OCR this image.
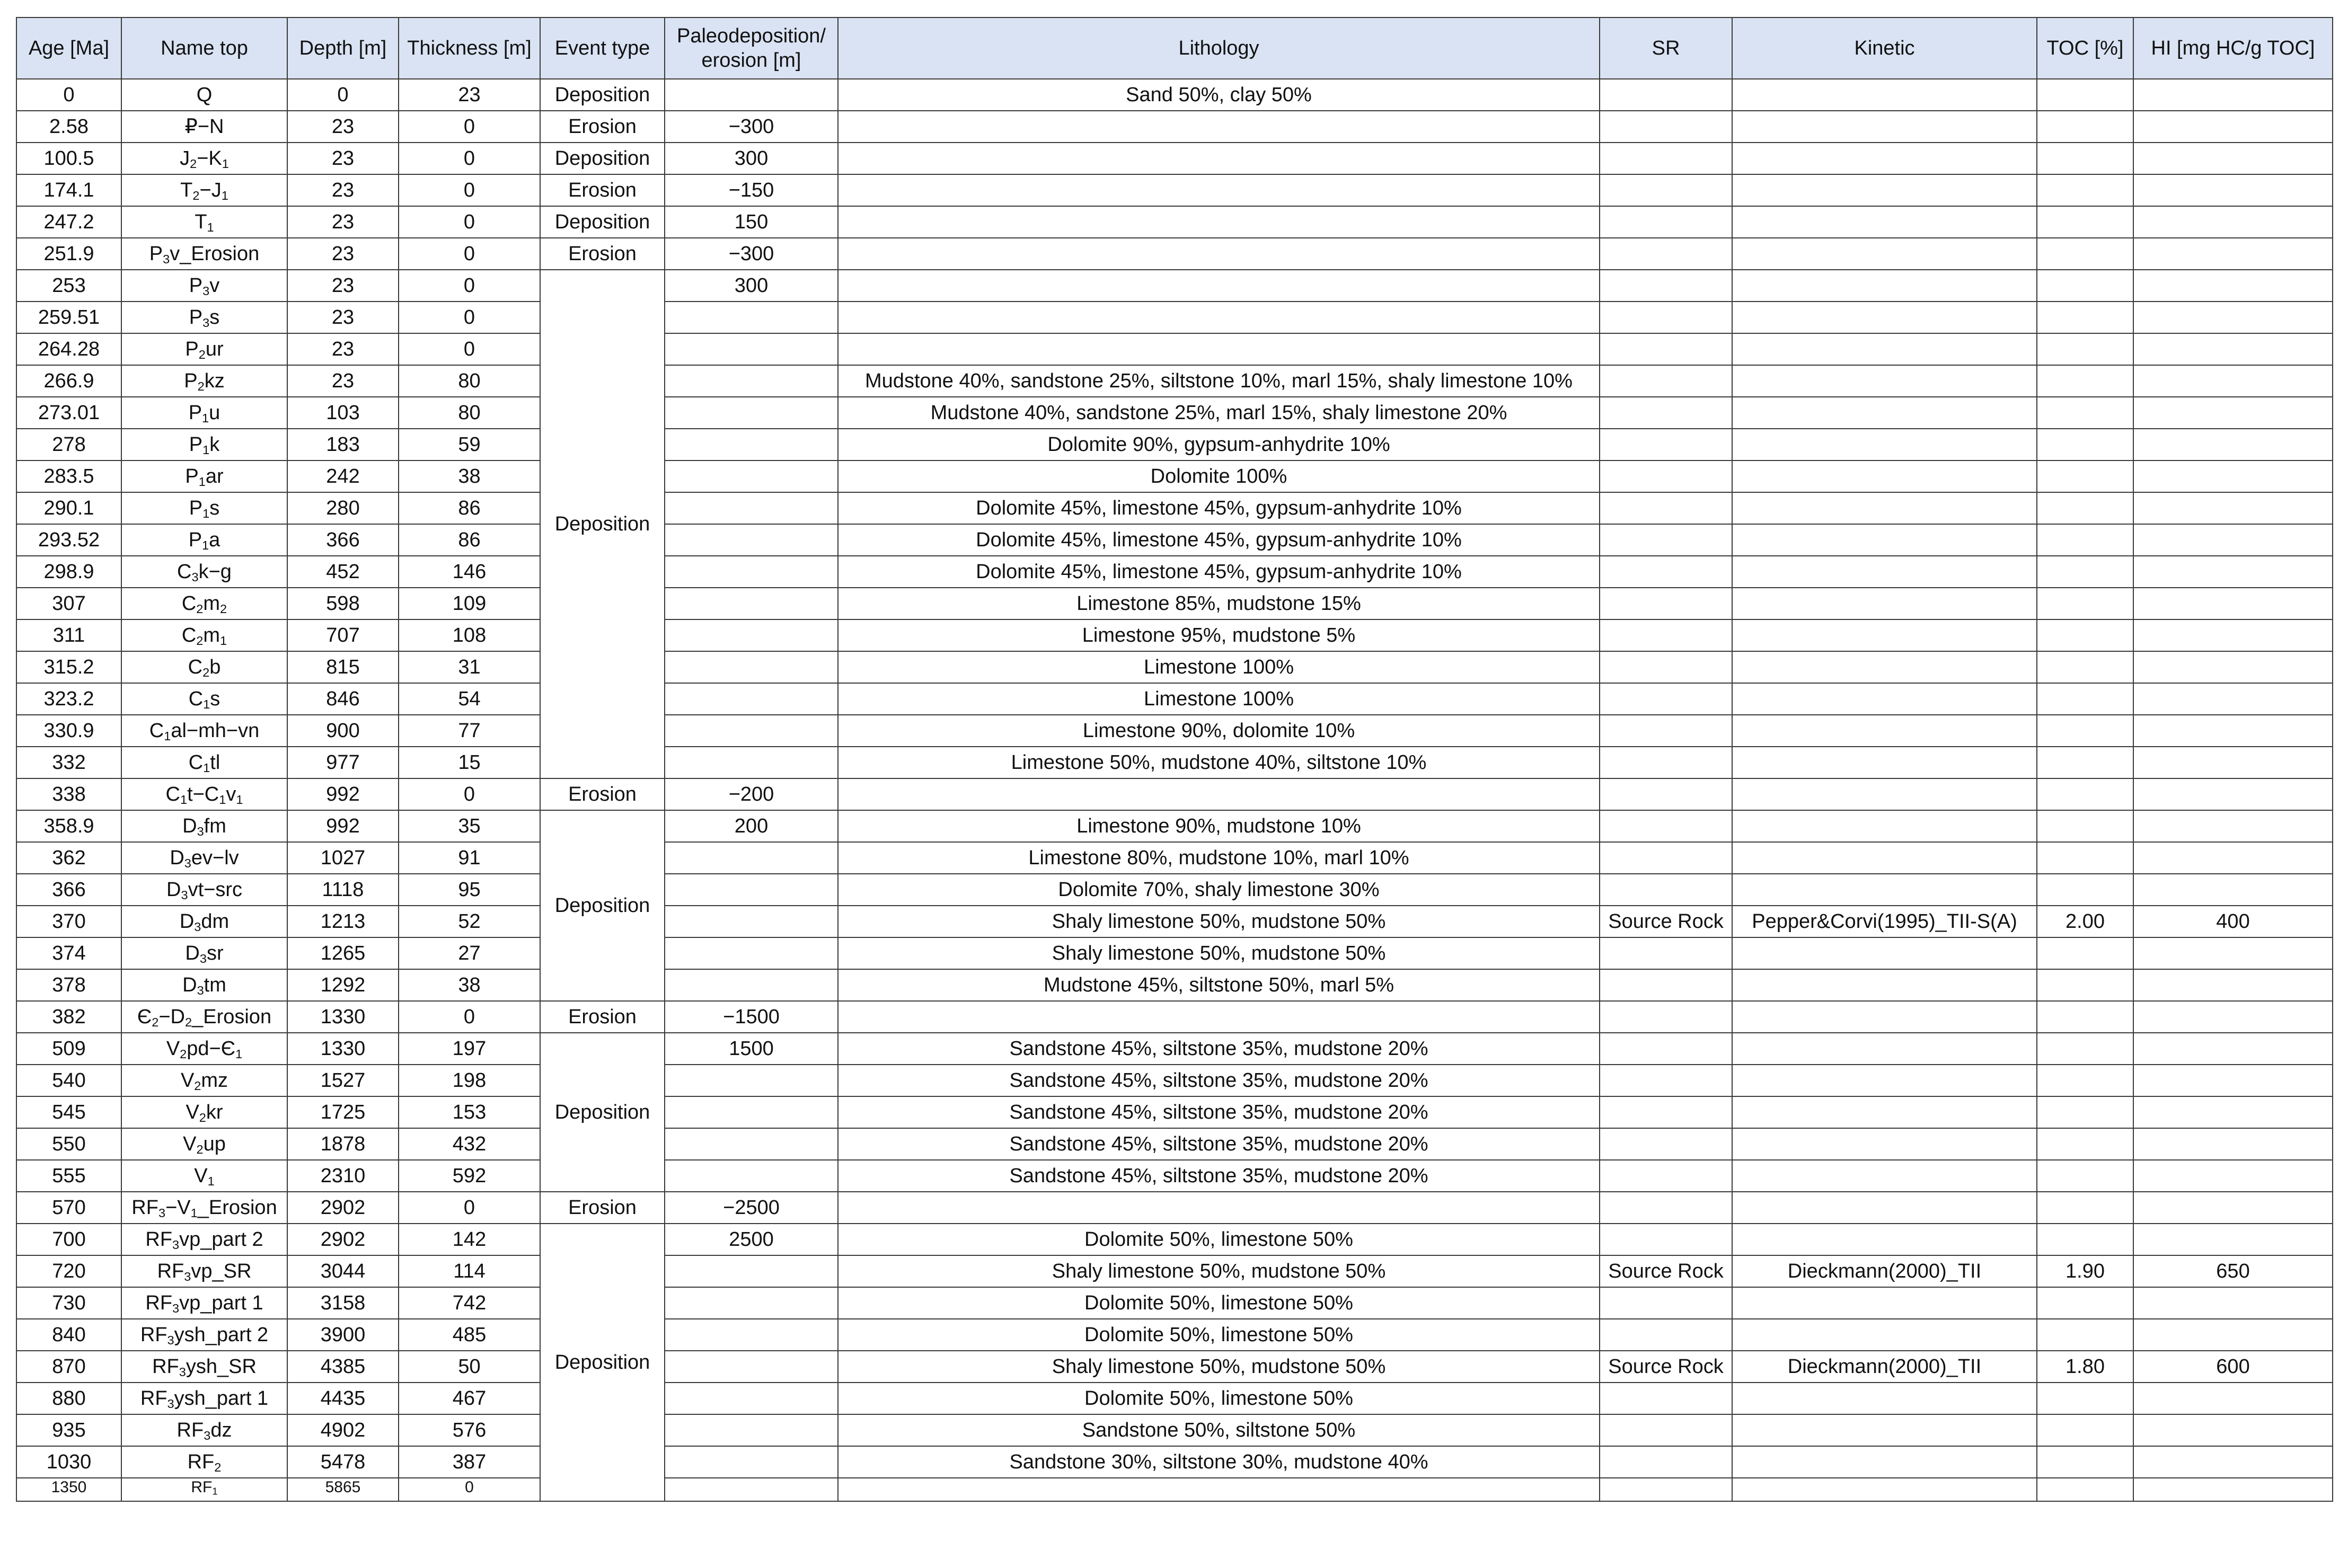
Age [Ma]	Name top	Depth [m]	Thickness [m]	Event type	Paleodeposition/ erosion [m]	Lithology	SR	Kinetic	TOC [%]	HI [mg HC/g TOC]
0	Q	0	23	Deposition		Sand 50%, clay 50%				
2.58	₽−N	23	0	Erosion	−300					
100.5	$J_2-K_1$	23	0	Deposition	300					
174.1	$T_2-J_1$	23	0	Erosion	−150					
247.2	$T_1$	23	0	Deposition	150					
251.9	$P_3v\_Erosion$	23	0	Erosion	−300					
253	$P_3v$	23	0	Deposition	300					
259.51	$P_3s$	23	0							
264.28	$P_2ur$	23	0							
266.9	$P_2kz$	23	80			Mudstone 40%, sandstone 25%, siltstone 10%, marl 15%, shaly limestone 10%				
273.01	$P_1u$	103	80			Mudstone 40%, sandstone 25%, marl 15%, shaly limestone 20%				
278	$P_1k$	183	59			Dolomite 90%, gypsum-anhydrite 10%				
283.5	$P_1ar$	242	38			Dolomite 100%				
290.1	$P_1s$	280	86			Dolomite 45%, limestone 45%, gypsum-anhydrite 10%				
293.52	$P_1a$	366	86			Dolomite 45%, limestone 45%, gypsum-anhydrite 10%				
298.9	$C_3k-g$	452	146			Dolomite 45%, limestone 45%, gypsum-anhydrite 10%				
307	$C_2m_2$	598	109			Limestone 85%, mudstone 15%				
311	$C_2m_1$	707	108			Limestone 95%, mudstone 5%				
315.2	$C_2b$	815	31			Limestone 100%				
323.2	$C_1s$	846	54			Limestone 100%				
330.9	$C_1al-mh-vn$	900	77			Limestone 90%, dolomite 10%				
332	$C_1tl$	977	15			Limestone 50%, mudstone 40%, siltstone 10%				
338	$C_1t-C_1v_1$	992	0	Erosion	−200					
358.9	$D_3fm$	992	35	Deposition	200	Limestone 90%, mudstone 10%				
362	$D_3ev-lv$	1027	91			Limestone 80%, mudstone 10%, marl 10%				
366	$D_3vt-src$	1118	95			Dolomite 70%, shaly limestone 30%				
370	$D_3dm$	1213	52			Shaly limestone 50%, mudstone 50%	Source Rock	Pepper&Corvi(1995)_TII-S(A)	2.00	400
374	$D_3sr$	1265	27			Shaly limestone 50%, mudstone 50%				
378	$D_3tm$	1292	38			Mudstone 45%, siltstone 50%, marl 5%				
382	$Є_2-D_2\_Erosion$	1330	0	Erosion	−1500					
509	$V_2pd-Є_1$	1330	197	Deposition	1500	Sandstone 45%, siltstone 35%, mudstone 20%				
540	$V_2mz$	1527	198			Sandstone 45%, siltstone 35%, mudstone 20%				
545	$V_2kr$	1725	153			Sandstone 45%, siltstone 35%, mudstone 20%				
550	$V_2up$	1878	432			Sandstone 45%, siltstone 35%, mudstone 20%				
555	$V_1$	2310	592			Sandstone 45%, siltstone 35%, mudstone 20%				
570	$RF_3-V_1\_Erosion$	2902	0	Erosion	−2500					
700	$RF_3vp\_part$ 2	2902	142	Deposition	2500	Dolomite 50%, limestone 50%				
720	$RF_3vp\_SR$	3044	114			Shaly limestone 50%, mudstone 50%	Source Rock	Dieckmann(2000)_TII	1.90	650
730	$RF_3vp\_part$ 1	3158	742			Dolomite 50%, limestone 50%				
840	$RF_3ysh\_part$ 2	3900	485			Dolomite 50%, limestone 50%				
870	$RF_3ysh\_SR$	4385	50			Shaly limestone 50%, mudstone 50%	Source Rock	Dieckmann(2000)_TII	1.80	600
880	$RF_3ysh\_part$ 1	4435	467			Dolomite 50%, limestone 50%				
935	$RF_3dz$	4902	576			Sandstone 50%, siltstone 50%				
1030	$RF_2$	5478	387			Sandstone 30%, siltstone 30%, mudstone 40%				
1350	$RF_1$	5865	0							
